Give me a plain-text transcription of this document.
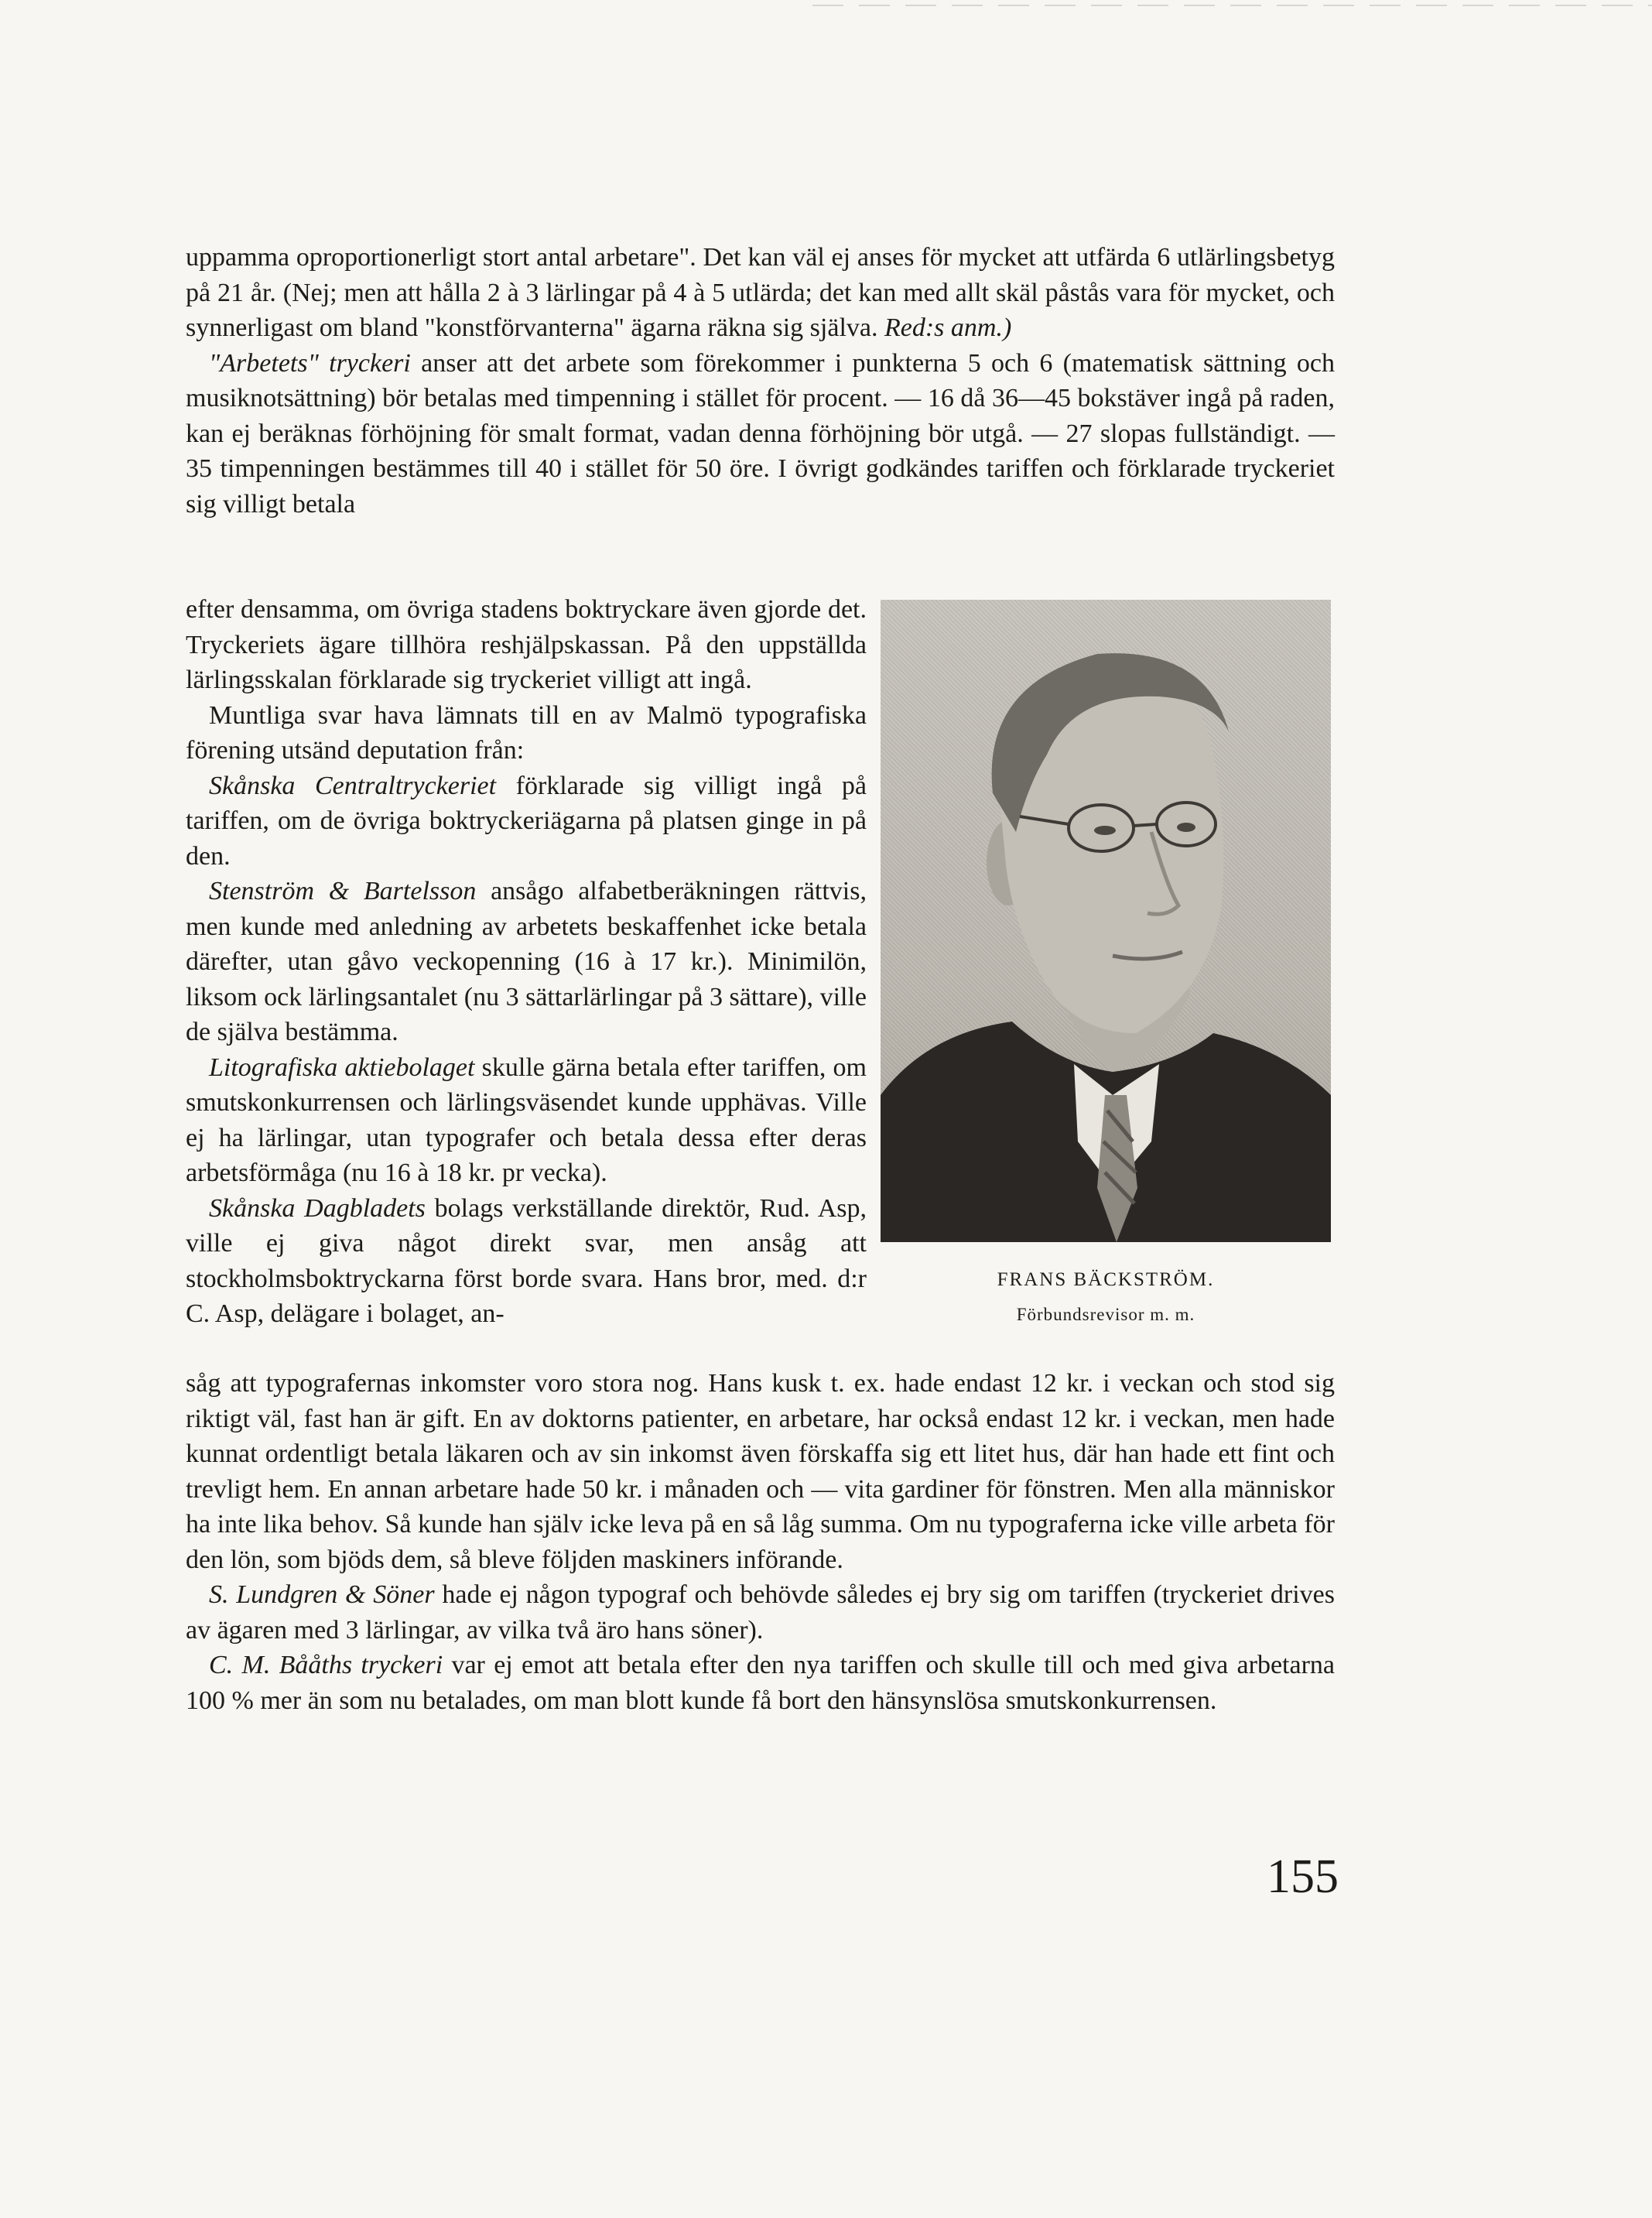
uppamma oproportionerligt stort antal arbetare". Det kan väl ej anses för mycket att utfärda 6 utlärlingsbetyg på 21 år. (Nej; men att hålla 2 à 3 lärlingar på 4 à 5 utlärda; det kan med allt skäl påstås vara för mycket, och synnerligast om bland "konstförvanterna" ägarna räkna sig själva. Red:s anm.)

"Arbetets" tryckeri anser att det arbete som förekommer i punkterna 5 och 6 (matematisk sättning och musiknotsättning) bör betalas med timpenning i stället för procent. — 16 då 36—45 bokstäver ingå på raden, kan ej beräknas förhöjning för smalt format, vadan denna förhöjning bör utgå. — 27 slopas fullständigt. — 35 timpenningen bestämmes till 40 i stället för 50 öre. I övrigt godkändes tariffen och förklarade tryckeriet sig villigt betala

efter densamma, om övriga stadens boktryckare även gjorde det. Tryckeriets ägare tillhöra reshjälpskassan. På den uppställda lärlingsskalan förklarade sig tryckeriet villigt att ingå.

Muntliga svar hava lämnats till en av Malmö typografiska förening utsänd deputation från:

Skånska Centraltryckeriet förklarade sig villigt ingå på tariffen, om de övriga boktryckeriägarna på platsen ginge in på den.

Stenström & Bartelsson ansågo alfabetberäkningen rättvis, men kunde med anledning av arbetets beskaffenhet icke betala därefter, utan gåvo veckopenning (16 à 17 kr.). Minimilön, liksom ock lärlingsantalet (nu 3 sättarlärlingar på 3 sättare), ville de själva bestämma.

Litografiska aktiebolaget skulle gärna betala efter tariffen, om smutskonkurrensen och lärlingsväsendet kunde upphävas. Ville ej ha lärlingar, utan typografer och betala dessa efter deras arbetsförmåga (nu 16 à 18 kr. pr vecka).

Skånska Dagbladets bolags verkställande direktör, Rud. Asp, ville ej giva något direkt svar, men ansåg att stockholmsboktryckarna först borde svara. Hans bror, med. d:r C. Asp, delägare i bolaget, an-

FRANS BÄCKSTRÖM.
Förbundsrevisor m. m.

såg att typografernas inkomster voro stora nog. Hans kusk t. ex. hade endast 12 kr. i veckan och stod sig riktigt väl, fast han är gift. En av doktorns patienter, en arbetare, har också endast 12 kr. i veckan, men hade kunnat ordentligt betala läkaren och av sin inkomst även förskaffa sig ett litet hus, där han hade ett fint och trevligt hem. En annan arbetare hade 50 kr. i månaden och — vita gardiner för fönstren. Men alla människor ha inte lika behov. Så kunde han själv icke leva på en så låg summa. Om nu typograferna icke ville arbeta för den lön, som bjöds dem, så bleve följden maskiners införande.

S. Lundgren & Söner hade ej någon typograf och behövde således ej bry sig om tariffen (tryckeriet drives av ägaren med 3 lärlingar, av vilka två äro hans söner).

C. M. Bååths tryckeri var ej emot att betala efter den nya tariffen och skulle till och med giva arbetarna 100 % mer än som nu betalades, om man blott kunde få bort den hänsynslösa smutskonkurrensen.

155
